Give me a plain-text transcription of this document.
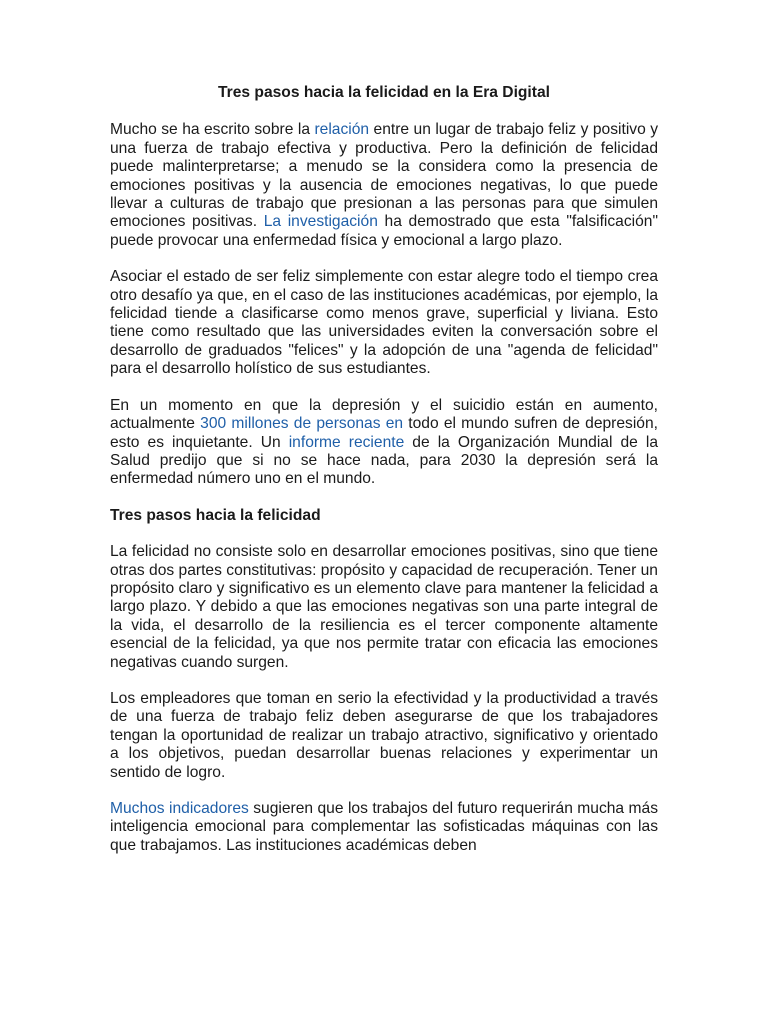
Tres pasos hacia la felicidad en la Era Digital
Mucho se ha escrito sobre la relación entre un lugar de trabajo feliz y positivo y una fuerza de trabajo efectiva y productiva. Pero la definición de felicidad puede malinterpretarse; a menudo se la considera como la presencia de emociones positivas y la ausencia de emociones negativas, lo que puede llevar a culturas de trabajo que presionan a las personas para que simulen emociones positivas. La investigación ha demostrado que esta "falsificación" puede provocar una enfermedad física y emocional a largo plazo.
Asociar el estado de ser feliz simplemente con estar alegre todo el tiempo crea otro desafío ya que, en el caso de las instituciones académicas, por ejemplo, la felicidad tiende a clasificarse como menos grave, superficial y liviana. Esto tiene como resultado que las universidades eviten la conversación sobre el desarrollo de graduados "felices" y la adopción de una "agenda de felicidad" para el desarrollo holístico de sus estudiantes.
En un momento en que la depresión y el suicidio están en aumento, actualmente 300 millones de personas en todo el mundo sufren de depresión, esto es inquietante. Un informe reciente de la Organización Mundial de la Salud predijo que si no se hace nada, para 2030 la depresión será la enfermedad número uno en el mundo.
Tres pasos hacia la felicidad
La felicidad no consiste solo en desarrollar emociones positivas, sino que tiene otras dos partes constitutivas: propósito y capacidad de recuperación. Tener un propósito claro y significativo es un elemento clave para mantener la felicidad a largo plazo. Y debido a que las emociones negativas son una parte integral de la vida, el desarrollo de la resiliencia es el tercer componente altamente esencial de la felicidad, ya que nos permite tratar con eficacia las emociones negativas cuando surgen.
Los empleadores que toman en serio la efectividad y la productividad a través de una fuerza de trabajo feliz deben asegurarse de que los trabajadores tengan la oportunidad de realizar un trabajo atractivo, significativo y orientado a los objetivos, puedan desarrollar buenas relaciones y experimentar un sentido de logro.
Muchos indicadores sugieren que los trabajos del futuro requerirán mucha más inteligencia emocional para complementar las sofisticadas máquinas con las que trabajamos. Las instituciones académicas deben
